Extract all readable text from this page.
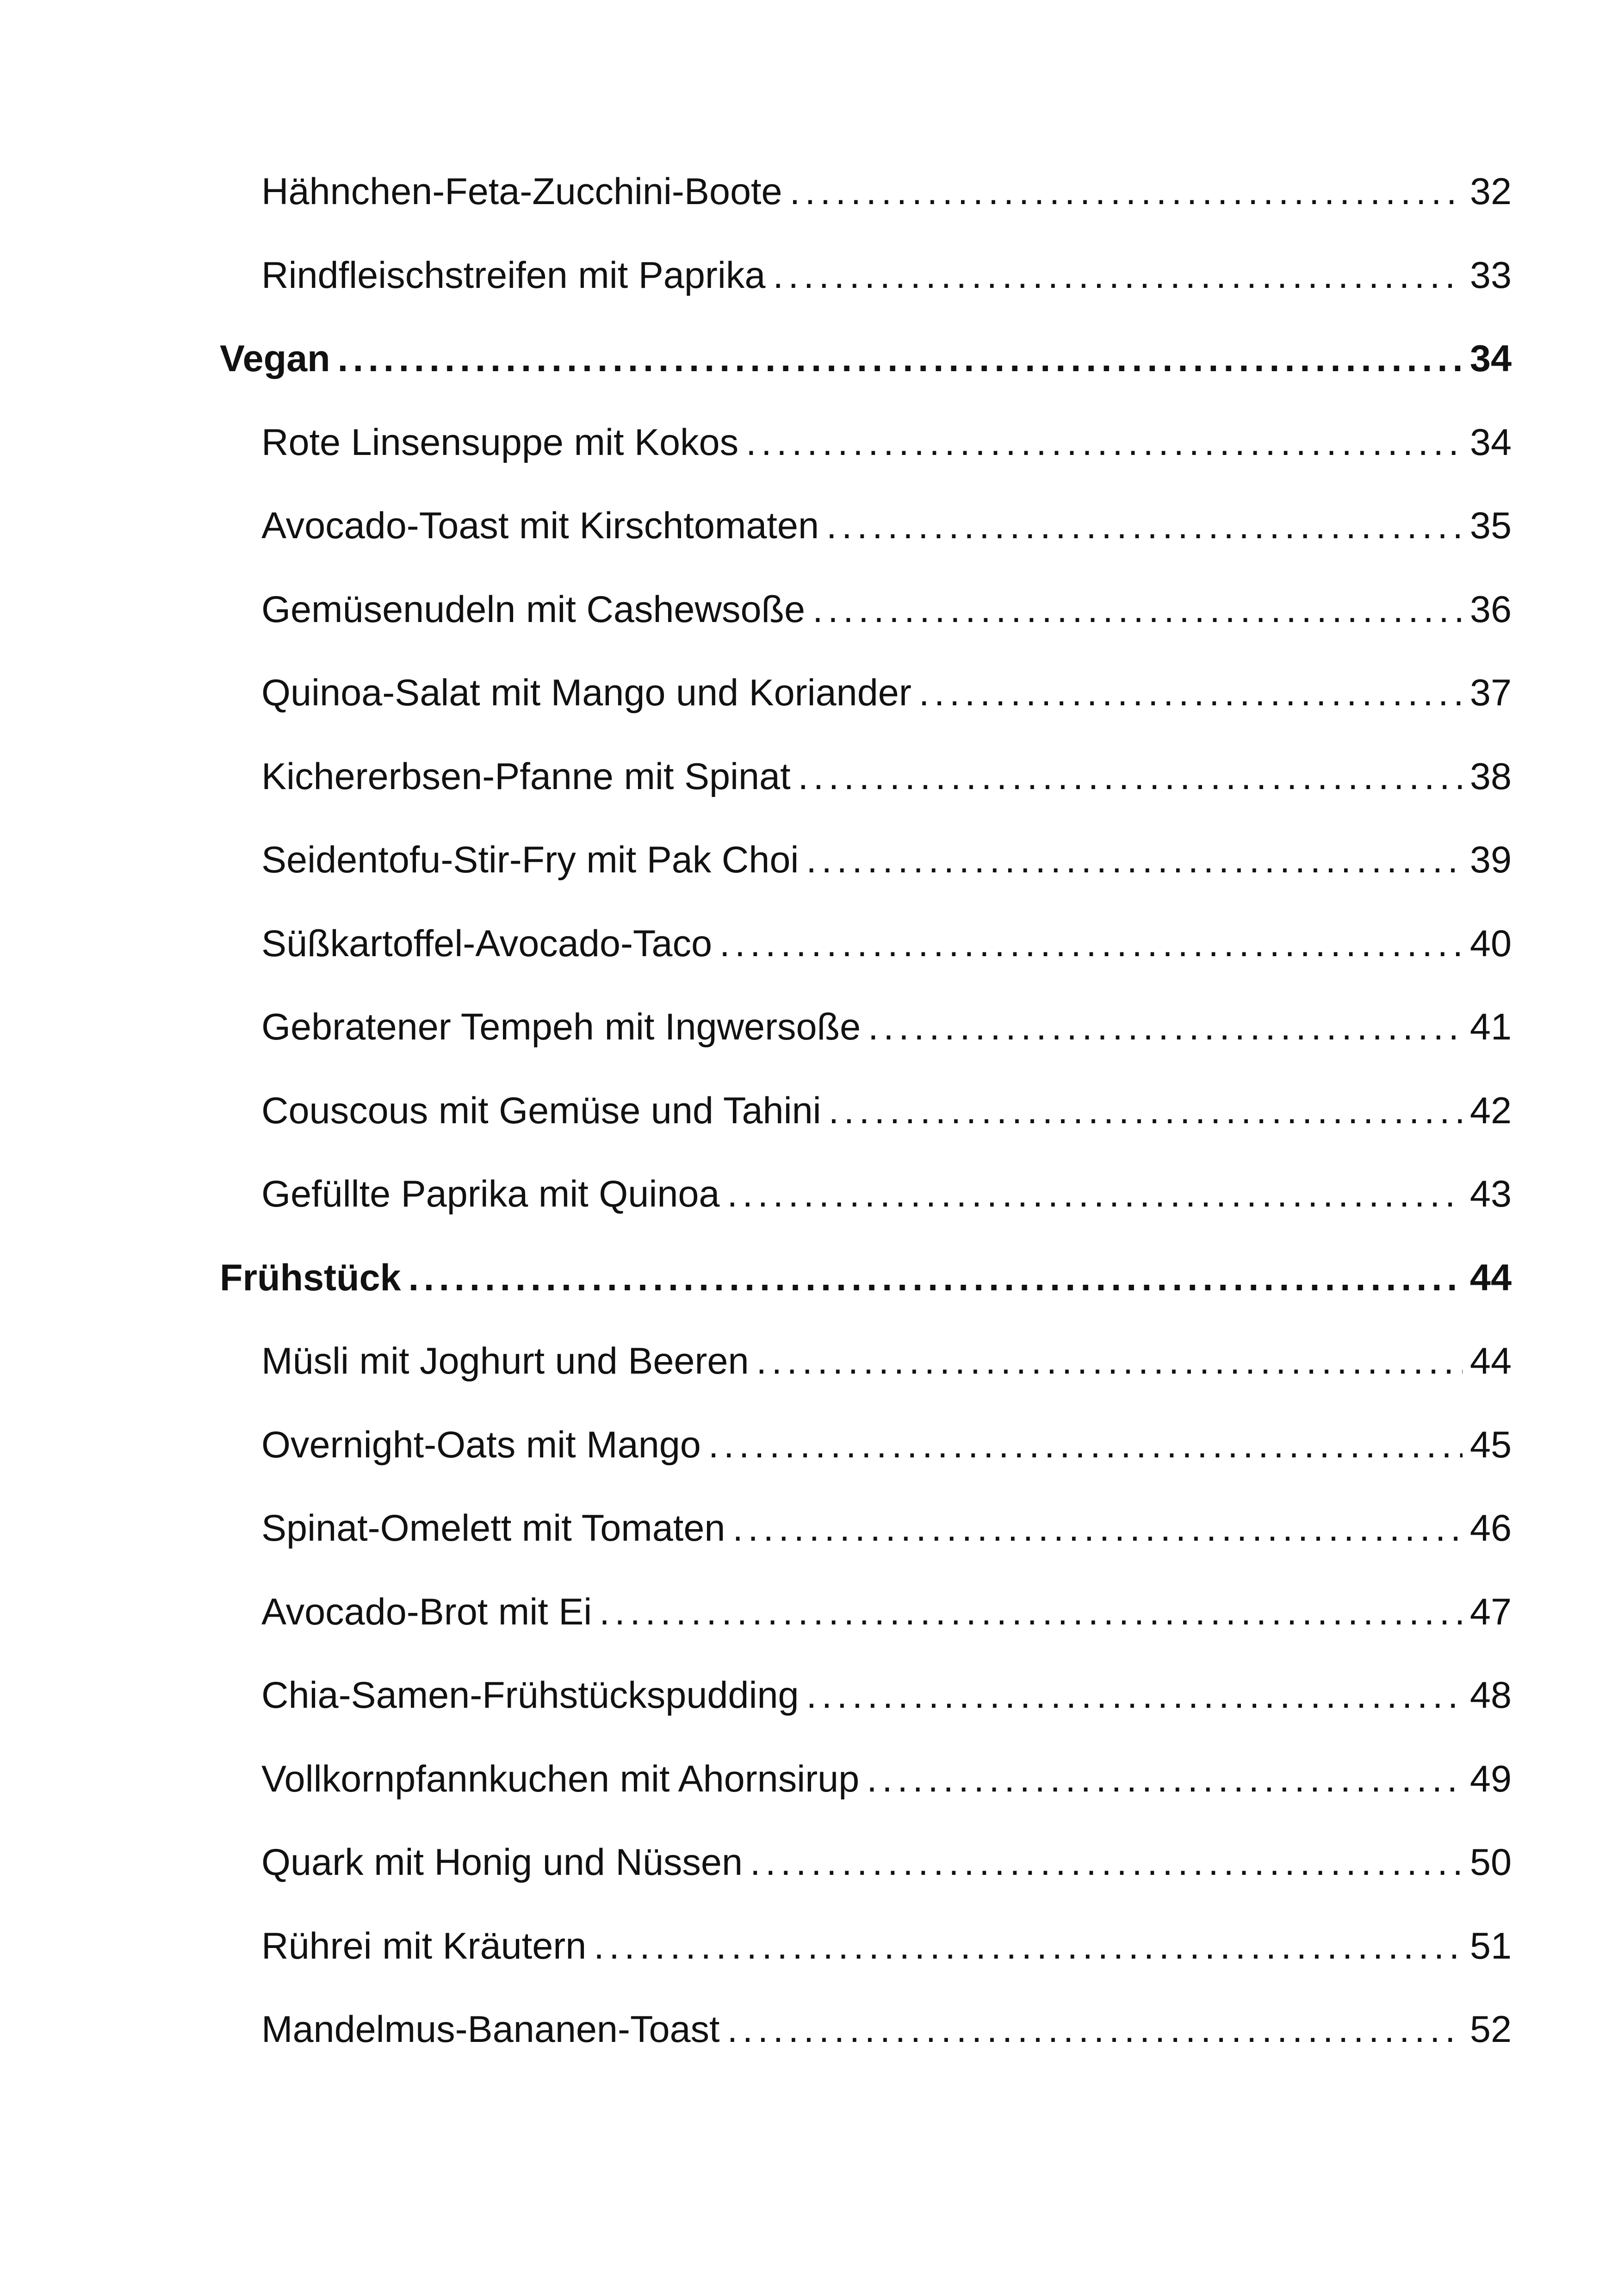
Hähnchen-Feta-Zucchini-Boote . . .	32
Rindfleischstreifen mit Paprika . . .	33
Vegan . . .	34
Rote Linsensuppe mit Kokos . . .	34
Avocado-Toast mit Kirschtomaten . . .	35
Gemüsenudeln mit Cashewsoße . . .	36
Quinoa-Salat mit Mango und Koriander . . .	37
Kichererbsen-Pfanne mit Spinat . . .	38
Seidentofu-Stir-Fry mit Pak Choi . . .	39
Süßkartoffel-Avocado-Taco . . .	40
Gebratener Tempeh mit Ingwersoße . . .	41
Couscous mit Gemüse und Tahini . . .	42
Gefüllte Paprika mit Quinoa . . .	43
Frühstück . . .	44
Müsli mit Joghurt und Beeren . . .	44
Overnight-Oats mit Mango . . .	45
Spinat-Omelett mit Tomaten . . .	46
Avocado-Brot mit Ei . . .	47
Chia-Samen-Frühstückspudding . . .	48
Vollkornpfannkuchen mit Ahornsirup . . .	49
Quark mit Honig und Nüssen . . .	50
Rührei mit Kräutern . . .	51
Mandelmus-Bananen-Toast . . .	52
